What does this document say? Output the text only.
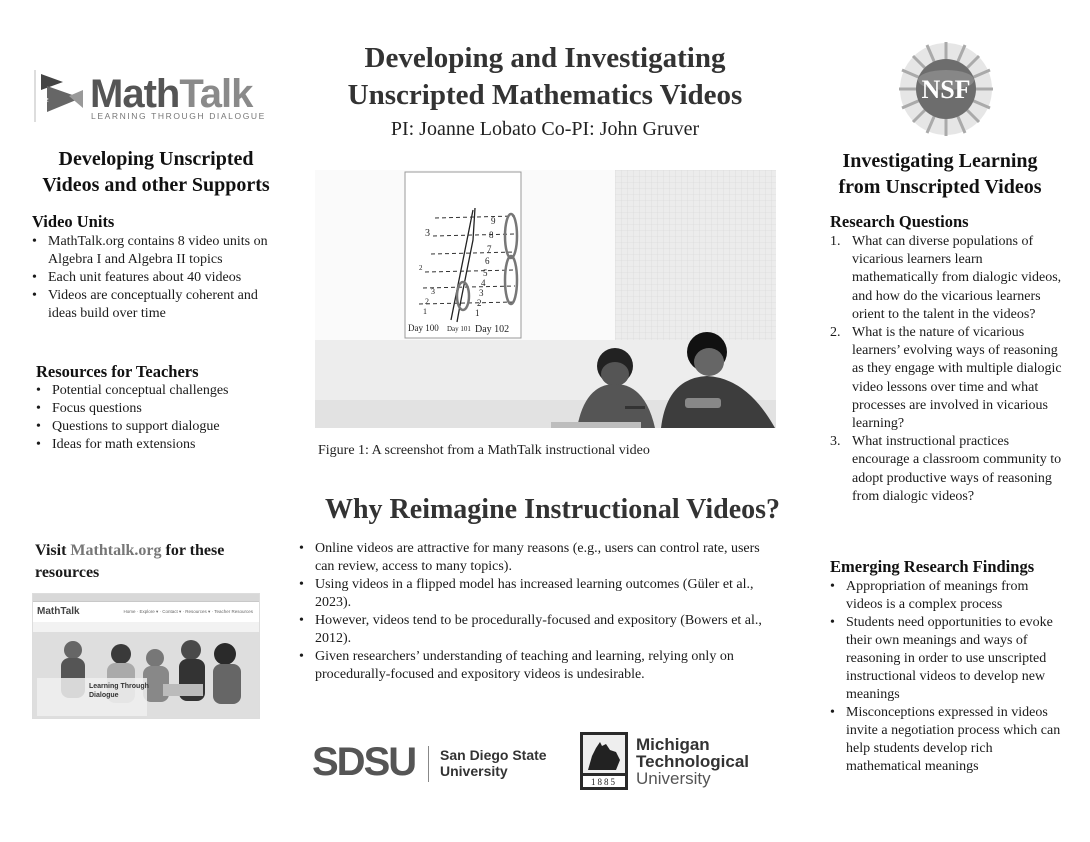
Developing and Investigating
Unscripted Mathematics Videos
PI: Joanne Lobato Co-PI: John Gruver
x² MathTalk
LEARNING THROUGH DIALOGUE
NSF
Developing Unscripted
Videos and other Supports
Video Units
• MathTalk.org contains 8 video units on Algebra I and Algebra II topics
• Each unit features about 40 videos
• Videos are conceptually coherent and ideas build over time
Resources for Teachers
• Potential conceptual challenges
• Focus questions
• Questions to support dialogue
• Ideas for math extensions
Visit Mathtalk.org for these resources
MathTalk	Home · Explore ▾ · Contact ▾ · Resources ▾ · Teacher Resources
Learning Through
Dialogue
3
2
3
2
1
9
8
7
6
5
4
3
2
1
Day 100 Day 101 Day 102
Figure 1: A screenshot from a MathTalk instructional video
Why Reimagine Instructional Videos?
• Online videos are attractive for many reasons (e.g., users can control rate, users can review, access to many topics).
• Using videos in a flipped model has increased learning outcomes (Güler et al., 2023).
• However, videos tend to be procedurally-focused and expository (Bowers et al., 2012).
• Given researchers’ understanding of teaching and learning, relying only on procedurally-focused and expository videos is undesirable.
Investigating Learning
from Unscripted Videos
Research Questions
1. What can diverse populations of vicarious learners learn mathematically from dialogic videos, and how do the vicarious learners orient to the talent in the videos?
2. What is the nature of vicarious learners’ evolving ways of reasoning as they engage with multiple dialogic video lessons over time and what processes are involved in vicarious learning?
3. What instructional practices encourage a classroom community to adopt productive ways of reasoning from dialogic videos?
Emerging Research Findings
• Appropriation of meanings from videos is a complex process
• Students need opportunities to evoke their own meanings and ways of reasoning in order to use unscripted instructional videos to develop new meanings
• Misconceptions expressed in videos invite a negotiation process which can help students develop rich mathematical meanings
SDSU San Diego State
University
1885
Michigan
Technological
University
